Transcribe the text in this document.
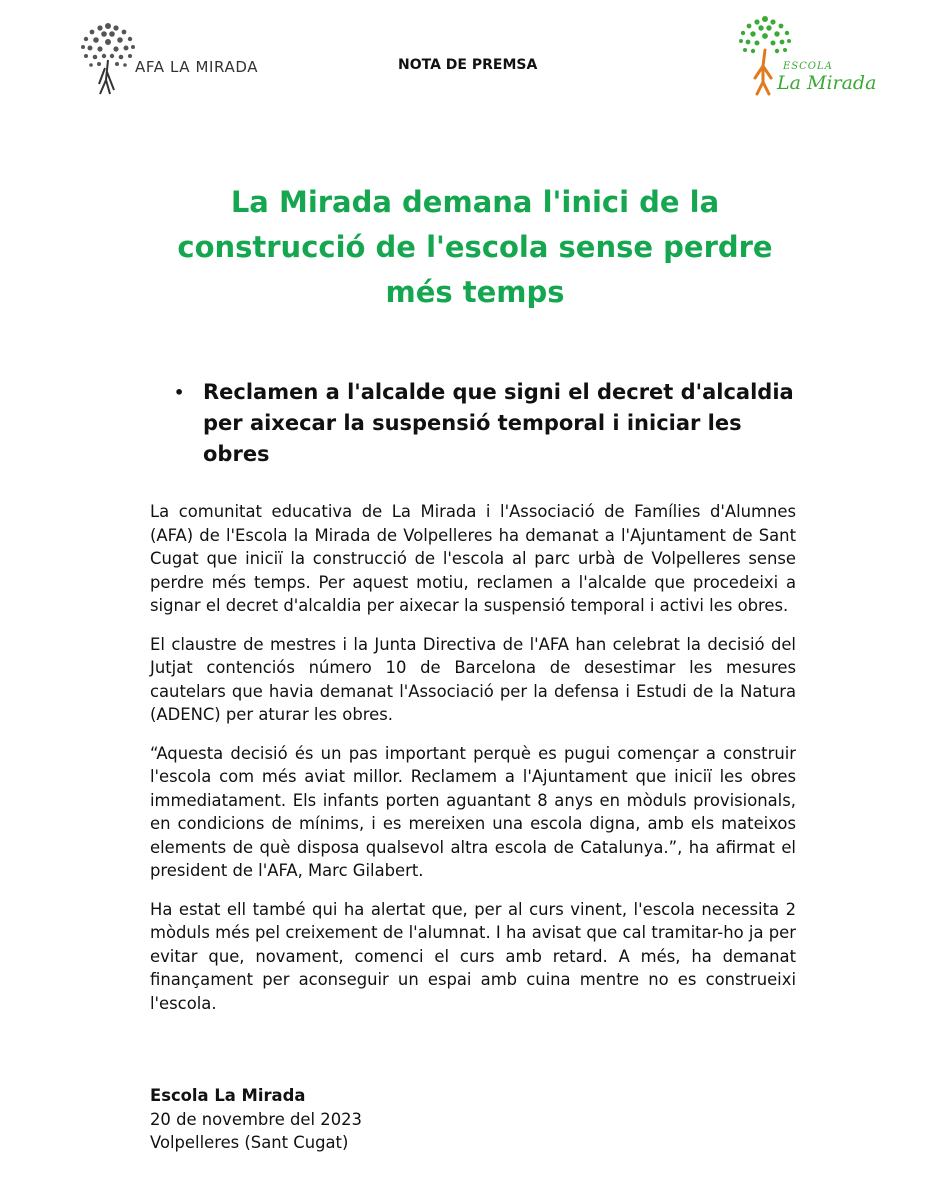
AFA LA MIRADA	NOTA DE PREMSA	ESCOLA
La Mirada
La Mirada demana l'inici de la construcció de l'escola sense perdre més temps
• Reclamen a l'alcalde que signi el decret d'alcaldia per aixecar la suspensió temporal i iniciar les obres

La comunitat educativa de La Mirada i l'Associació de Famílies d'Alumnes (AFA) de l'Escola la Mirada de Volpelleres ha demanat a l'Ajuntament de Sant Cugat que iniciï la construcció de l'escola al parc urbà de Volpelleres sense perdre més temps. Per aquest motiu, reclamen a l'alcalde que procedeixi a signar el decret d'alcaldia per aixecar la suspensió temporal i activi les obres.

El claustre de mestres i la Junta Directiva de l'AFA han celebrat la decisió del Jutjat contenciós número 10 de Barcelona de desestimar les mesures cautelars que havia demanat l'Associació per la defensa i Estudi de la Natura (ADENC) per aturar les obres.

“Aquesta decisió és un pas important perquè es pugui començar a construir l'escola com més aviat millor. Reclamem a l'Ajuntament que iniciï les obres immediatament. Els infants porten aguantant 8 anys en mòduls provisionals, en condicions de mínims, i es mereixen una escola digna, amb els mateixos elements de què disposa qualsevol altra escola de Catalunya.”, ha afirmat el president de l'AFA, Marc Gilabert.

Ha estat ell també qui ha alertat que, per al curs vinent, l'escola necessita 2 mòduls més pel creixement de l'alumnat. I ha avisat que cal tramitar-ho ja per evitar que, novament, comenci el curs amb retard. A més, ha demanat finançament per aconseguir un espai amb cuina mentre no es construeixi l'escola.

Escola La Mirada
20 de novembre del 2023
Volpelleres (Sant Cugat)
